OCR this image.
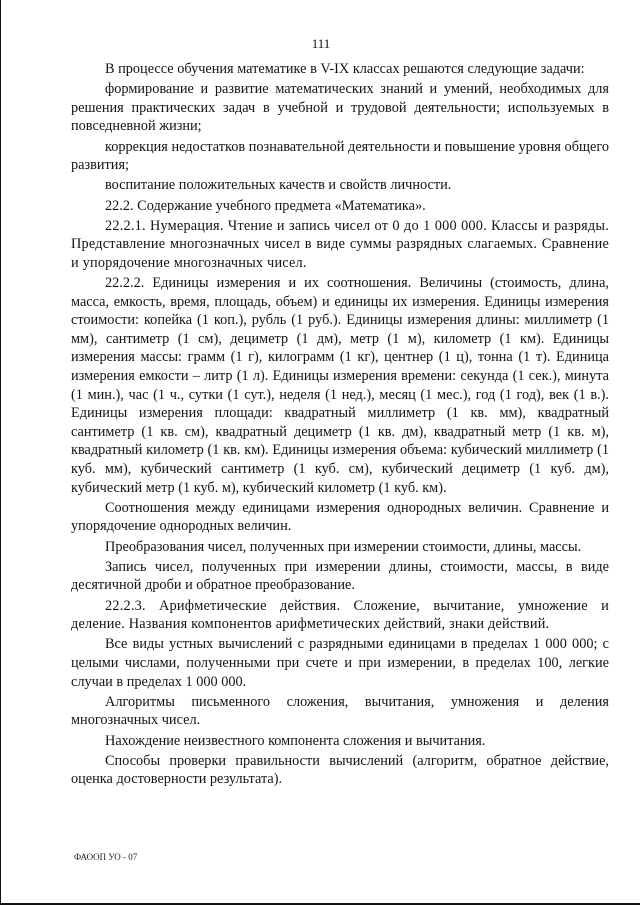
111

В процессе обучения математике в V-IX классах решаются следующие задачи:

формирование и развитие математических знаний и умений, необходимых для решения практических задач в учебной и трудовой деятельности; используемых в повседневной жизни;

коррекция недостатков познавательной деятельности и повышение уровня общего развития;

воспитание положительных качеств и свойств личности.

22.2. Содержание учебного предмета «Математика».

22.2.1. Нумерация. Чтение и запись чисел от 0 до 1 000 000. Классы и разряды. Представление многозначных чисел в виде суммы разрядных слагаемых. Сравнение и упорядочение многозначных чисел.

22.2.2. Единицы измерения и их соотношения. Величины (стоимость, длина, масса, емкость, время, площадь, объем) и единицы их измерения. Единицы измерения стоимости: копейка (1 коп.), рубль (1 руб.). Единицы измерения длины: миллиметр (1 мм), сантиметр (1 см), дециметр (1 дм), метр (1 м), километр (1 км). Единицы измерения массы: грамм (1 г), килограмм (1 кг), центнер (1 ц), тонна (1 т). Единица измерения емкости – литр (1 л). Единицы измерения времени: секунда (1 сек.), минута (1 мин.), час (1 ч., сутки (1 сут.), неделя (1 нед.), месяц (1 мес.), год (1 год), век (1 в.). Единицы измерения площади: квадратный миллиметр (1 кв. мм), квадратный сантиметр (1 кв. см), квадратный дециметр (1 кв. дм), квадратный метр (1 кв. м), квадратный километр (1 кв. км). Единицы измерения объема: кубический миллиметр (1 куб. мм), кубический сантиметр (1 куб. см), кубический дециметр (1 куб. дм), кубический метр (1 куб. м), кубический километр (1 куб. км).

Соотношения между единицами измерения однородных величин. Сравнение и упорядочение однородных величин.

Преобразования чисел, полученных при измерении стоимости, длины, массы.

Запись чисел, полученных при измерении длины, стоимости, массы, в виде десятичной дроби и обратное преобразование.

22.2.3. Арифметические действия. Сложение, вычитание, умножение и деление. Названия компонентов арифметических действий, знаки действий.

Все виды устных вычислений с разрядными единицами в пределах 1 000 000; с целыми числами, полученными при счете и при измерении, в пределах 100, легкие случаи в пределах 1 000 000.

Алгоритмы письменного сложения, вычитания, умножения и деления многозначных чисел.

Нахождение неизвестного компонента сложения и вычитания.

Способы проверки правильности вычислений (алгоритм, обратное действие, оценка достоверности результата).

ФАООП УО - 07
